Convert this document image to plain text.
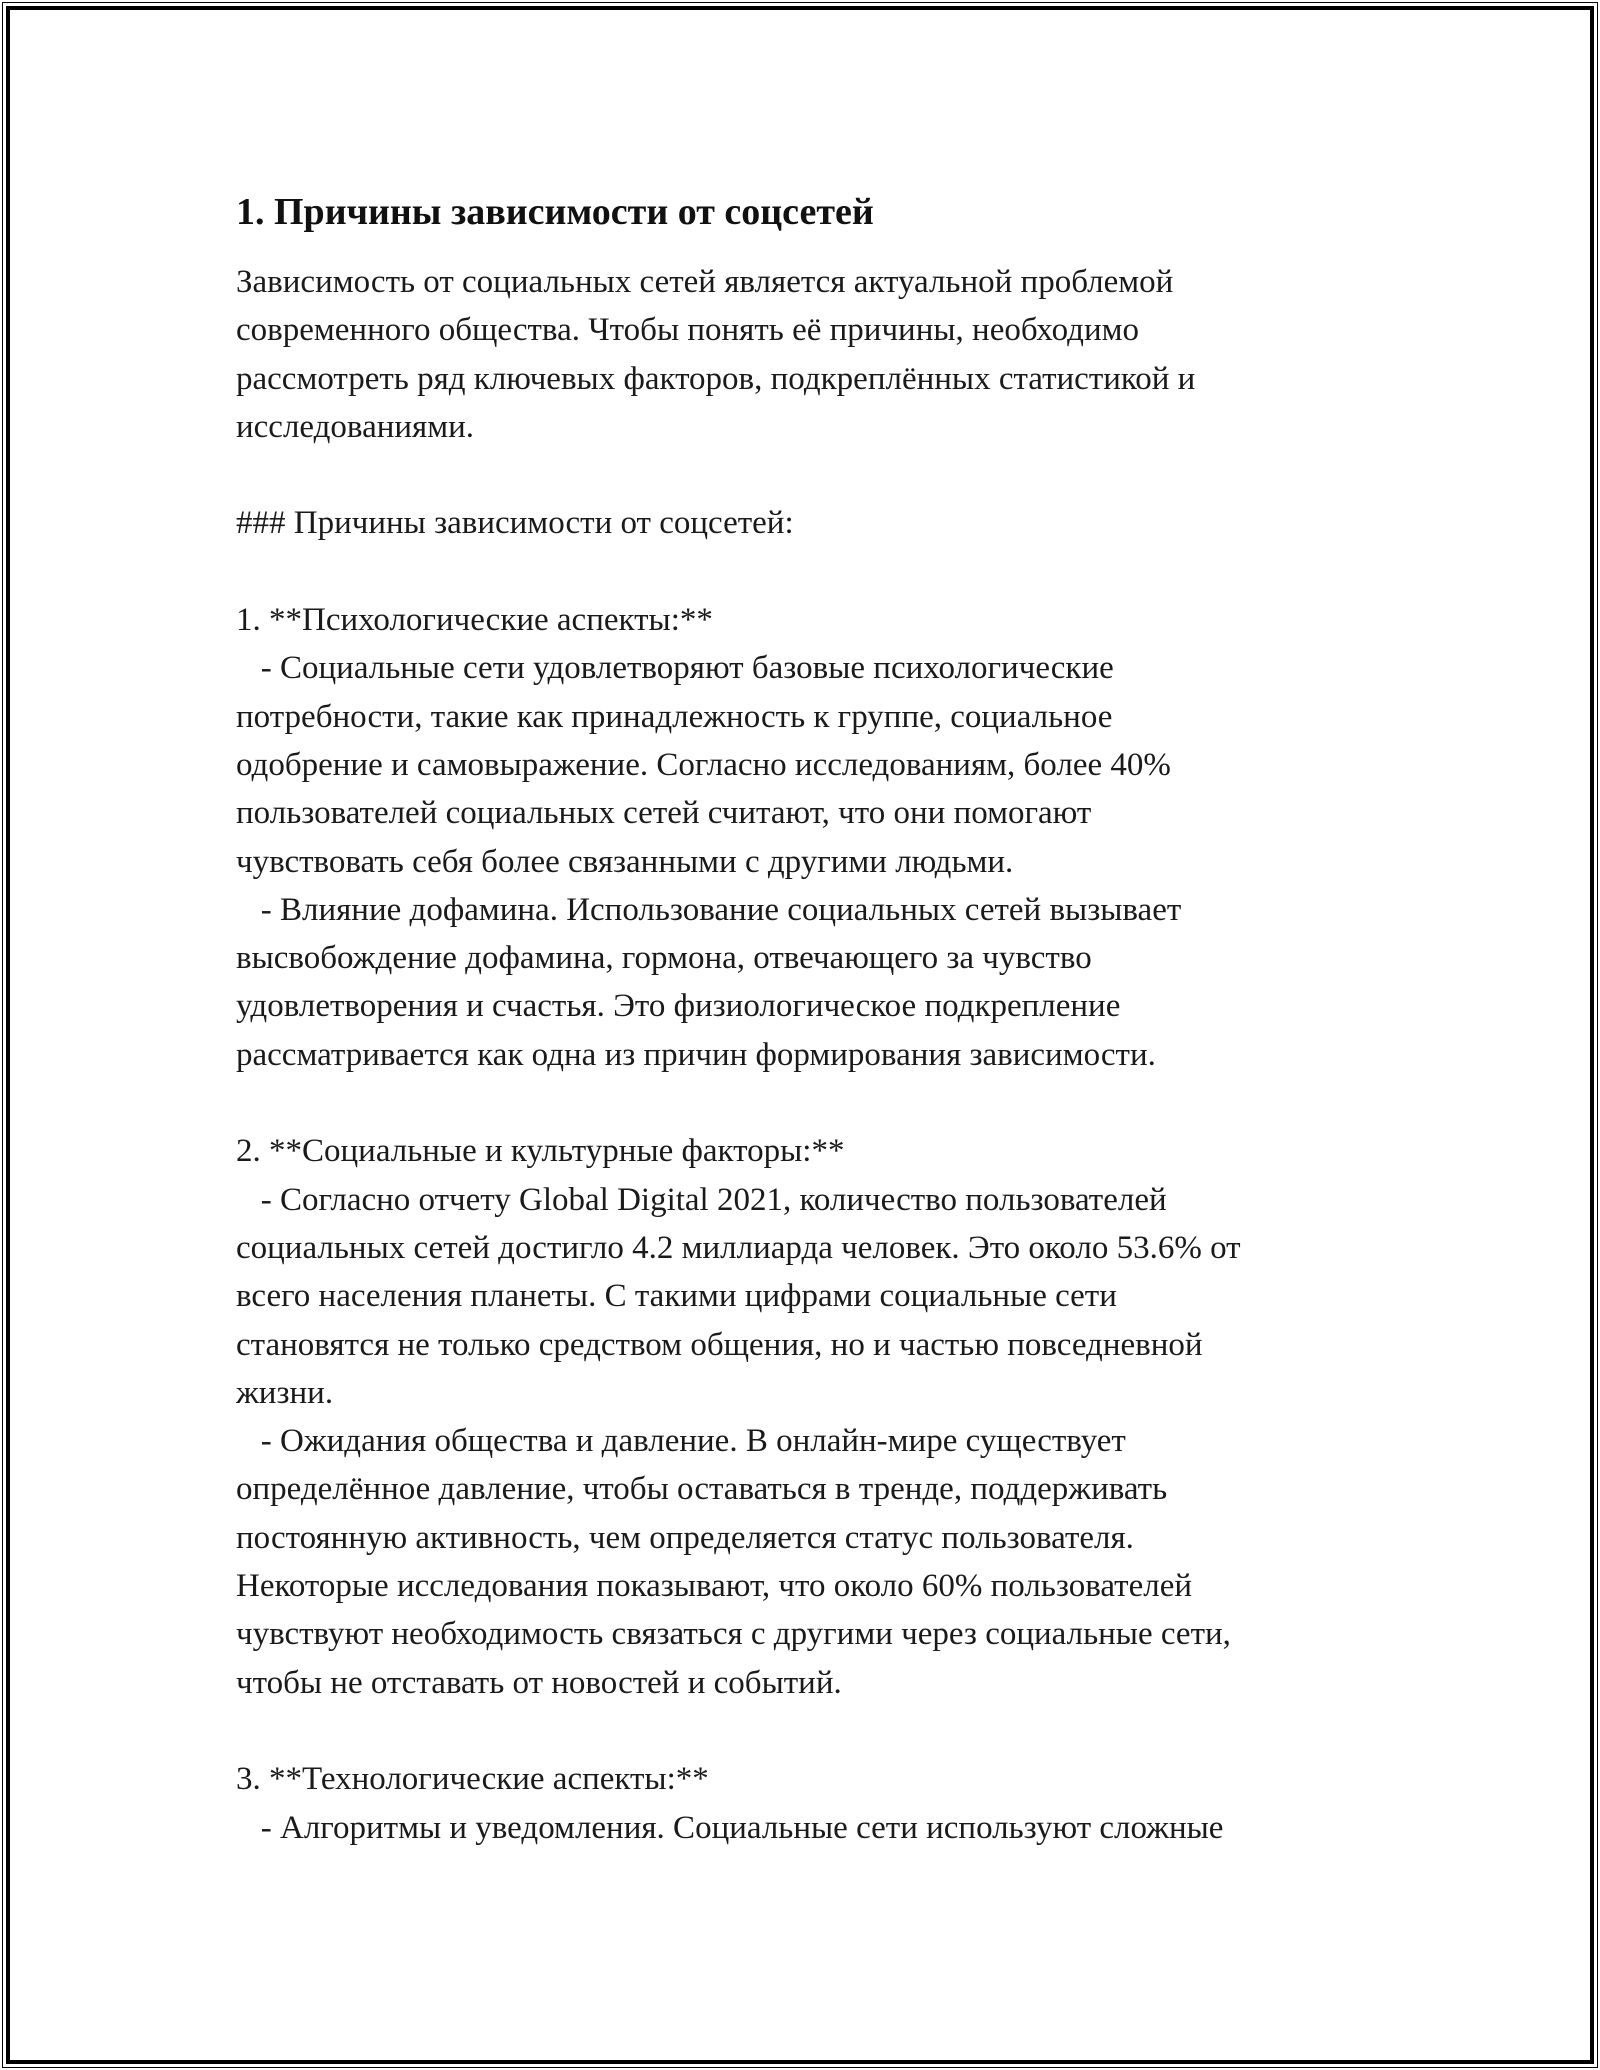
1. Причины зависимости от соцсетей

Зависимость от социальных сетей является актуальной проблемой
современного общества. Чтобы понять её причины, необходимо
рассмотреть ряд ключевых факторов, подкреплённых статистикой и
исследованиями.

### Причины зависимости от соцсетей:

1. **Психологические аспекты:**
- Социальные сети удовлетворяют базовые психологические
потребности, такие как принадлежность к группе, социальное
одобрение и самовыражение. Согласно исследованиям, более 40%
пользователей социальных сетей считают, что они помогают
чувствовать себя более связанными с другими людьми.
- Влияние дофамина. Использование социальных сетей вызывает
высвобождение дофамина, гормона, отвечающего за чувство
удовлетворения и счастья. Это физиологическое подкрепление
рассматривается как одна из причин формирования зависимости.

2. **Социальные и культурные факторы:**
- Согласно отчету Global Digital 2021, количество пользователей
социальных сетей достигло 4.2 миллиарда человек. Это около 53.6% от
всего населения планеты. С такими цифрами социальные сети
становятся не только средством общения, но и частью повседневной
жизни.
- Ожидания общества и давление. В онлайн-мире существует
определённое давление, чтобы оставаться в тренде, поддерживать
постоянную активность, чем определяется статус пользователя.
Некоторые исследования показывают, что около 60% пользователей
чувствуют необходимость связаться с другими через социальные сети,
чтобы не отставать от новостей и событий.

3. **Технологические аспекты:**
- Алгоритмы и уведомления. Социальные сети используют сложные
